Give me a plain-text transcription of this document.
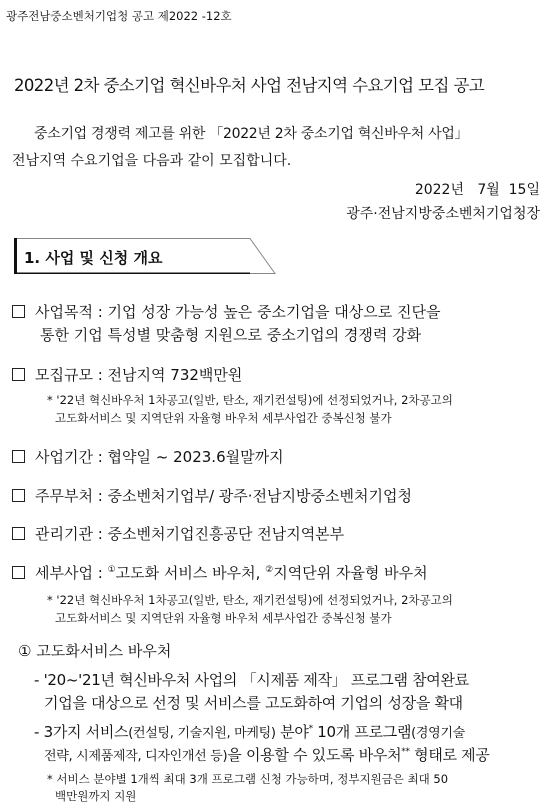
광주전남중소벤처기업청 공고 제2022 -12호
2022년 2차 중소기업 혁신바우처 사업 전남지역 수요기업 모집 공고
중소기업 경쟁력 제고를 위한 「2022년 2차 중소기업 혁신바우처 사업」
전남지역 수요기업을 다음과 같이 모집합니다.
2022년   7월  15일
광주·전남지방중소벤처기업청장
1. 사업 및 신청 개요
사업목적 : 기업 성장 가능성 높은 중소기업을 대상으로 진단을
통한 기업 특성별 맞춤형 지원으로 중소기업의 경쟁력 강화
모집규모 : 전남지역 732백만원
* '22년 혁신바우처 1차공고(일반, 탄소, 재기컨설팅)에 선정되었거나, 2차공고의
고도화서비스 및 지역단위 자율형 바우처 세부사업간 중복신청 불가
사업기간 : 협약일 ~ 2023.6월말까지
주무부처 : 중소벤처기업부/ 광주·전남지방중소벤처기업청
관리기관 : 중소벤처기업진흥공단 전남지역본부
세부사업 : ①고도화 서비스 바우처, ②지역단위 자율형 바우처
* '22년 혁신바우처 1차공고(일반, 탄소, 재기컨설팅)에 선정되었거나, 2차공고의
고도화서비스 및 지역단위 자율형 바우처 세부사업간 중복신청 불가
① 고도화서비스 바우처
- '20~'21년 혁신바우처 사업의 「시제품 제작」 프로그램 참여완료
기업을 대상으로 선정 및 서비스를 고도화하여 기업의 성장을 확대
- 3가지 서비스(컨설팅, 기술지원, 마케팅) 분야* 10개 프로그램(경영기술
전략, 시제품제작, 디자인개선 등)을 이용할 수 있도록 바우처** 형태로 제공
* 서비스 분야별 1개씩 최대 3개 프로그램 신청 가능하며, 정부지원금은 최대 50
백만원까지 지원
